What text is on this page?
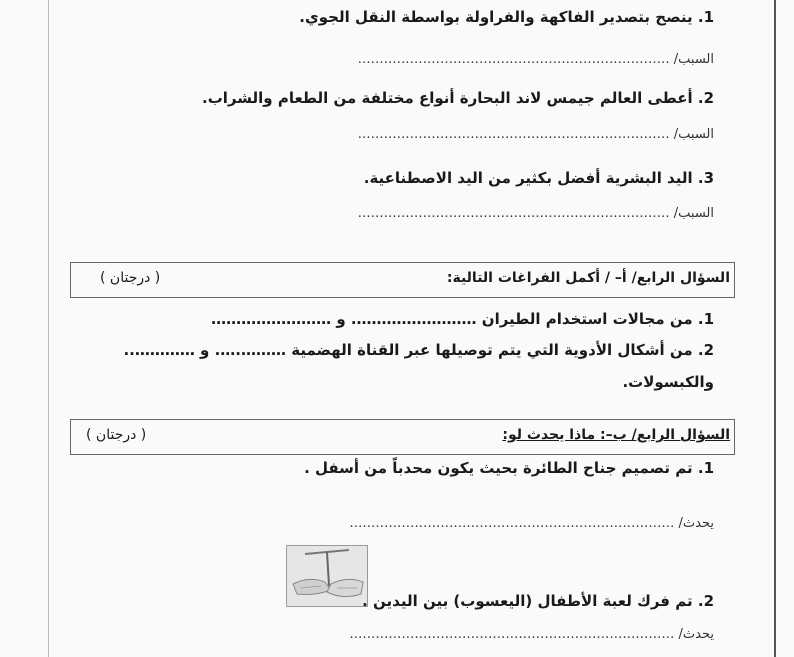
1. ينصح بتصدير الفاكهة والفراولة بواسطة النقل الجوي.
السبب/ ………………………………………………………………
2. أعطى العالم جيمس لاند البحارة أنواع مختلفة من الطعام والشراب.
السبب/ ………………………………………………………………
3. اليد البشرية أفضل بكثير من اليد الاصطناعية.
السبب/ ………………………………………………………………
السؤال الرابع/ أ– / أكمل الفراغات التالية:
( درجتان )
1. من مجالات استخدام الطيران ……………………. و ……………………
2. من أشكال الأدوية التي يتم توصيلها عبر القناة الهضمية ……….…. و …………..
والكبسولات.
السؤال الرابع/ ب–: ماذا يحدث لو:
( درجتان )
1. تم تصميم جناح الطائرة بحيث يكون محدباً من أسفل .
يحدث/ …………………………………………………………………
2. تم فرك لعبة الأطفال (اليعسوب) بين اليدين .
يحدث/ …………………………………………………………………
